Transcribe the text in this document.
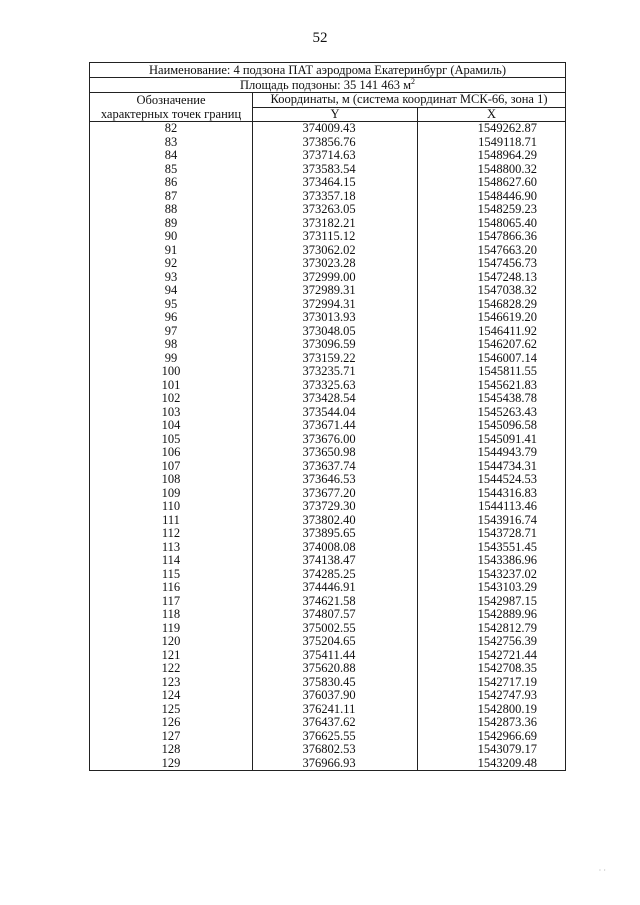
52
Наименование: 4 подзона ПАТ аэродрома Екатеринбург (Арамиль)		
Площадь подзоны: 35 141 463 $м^2$

Обозначение
характерных точек границ	Координаты, м (система координат МСК-66, зона 1)	
	Y	X
82	374009.43	1549262.87
83	373856.76	1549118.71
84	373714.63	1548964.29
85	373583.54	1548800.32
86	373464.15	1548627.60
87	373357.18	1548446.90
88	373263.05	1548259.23
89	373182.21	1548065.40
90	373115.12	1547866.36
91	373062.02	1547663.20
92	373023.28	1547456.73
93	372999.00	1547248.13
94	372989.31	1547038.32
95	372994.31	1546828.29
96	373013.93	1546619.20
97	373048.05	1546411.92
98	373096.59	1546207.62
99	373159.22	1546007.14
100	373235.71	1545811.55
101	373325.63	1545621.83
102	373428.54	1545438.78
103	373544.04	1545263.43
104	373671.44	1545096.58
105	373676.00	1545091.41
106	373650.98	1544943.79
107	373637.74	1544734.31
108	373646.53	1544524.53
109	373677.20	1544316.83
110	373729.30	1544113.46
111	373802.40	1543916.74
112	373895.65	1543728.71
113	374008.08	1543551.45
114	374138.47	1543386.96
115	374285.25	1543237.02
116	374446.91	1543103.29
117	374621.58	1542987.15
118	374807.57	1542889.96
119	375002.55	1542812.79
120	375204.65	1542756.39
121	375411.44	1542721.44
122	375620.88	1542708.35
123	375830.45	1542717.19
124	376037.90	1542747.93
125	376241.11	1542800.19
126	376437.62	1542873.36
127	376625.55	1542966.69
128	376802.53	1543079.17
129	376966.93	1543209.48
· ·
